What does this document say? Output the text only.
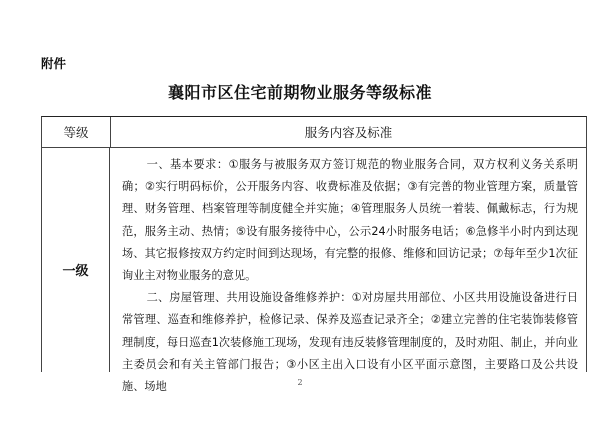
附件
襄阳市区住宅前期物业服务等级标准
等级	服务内容及标准
一级

一、基本要求：①服务与被服务双方签订规范的物业服务合同，双方权利义务关系明确；②实行明码标价，公开服务内容、收费标准及依据；③有完善的物业管理方案，质量管理、财务管理、档案管理等制度健全并实施；④管理服务人员统一着装、佩戴标志，行为规范，服务主动、热情；⑤设有服务接待中心，公示24小时服务电话；⑥急修半小时内到达现场、其它报修按双方约定时间到达现场，有完整的报修、维修和回访记录；⑦每年至少1次征询业主对物业服务的意见。

二、房屋管理、共用设施设备维修养护：①对房屋共用部位、小区共用设施设备进行日常管理、巡查和维修养护，检修记录、保养及巡查记录齐全；②建立完善的住宅装饰装修管理制度，每日巡查1次装修施工现场，发现有违反装修管理制度的，及时劝阻、制止，并向业主委员会和有关主管部门报告；③小区主出入口设有小区平面示意图，主要路口及公共设施、场地	2
